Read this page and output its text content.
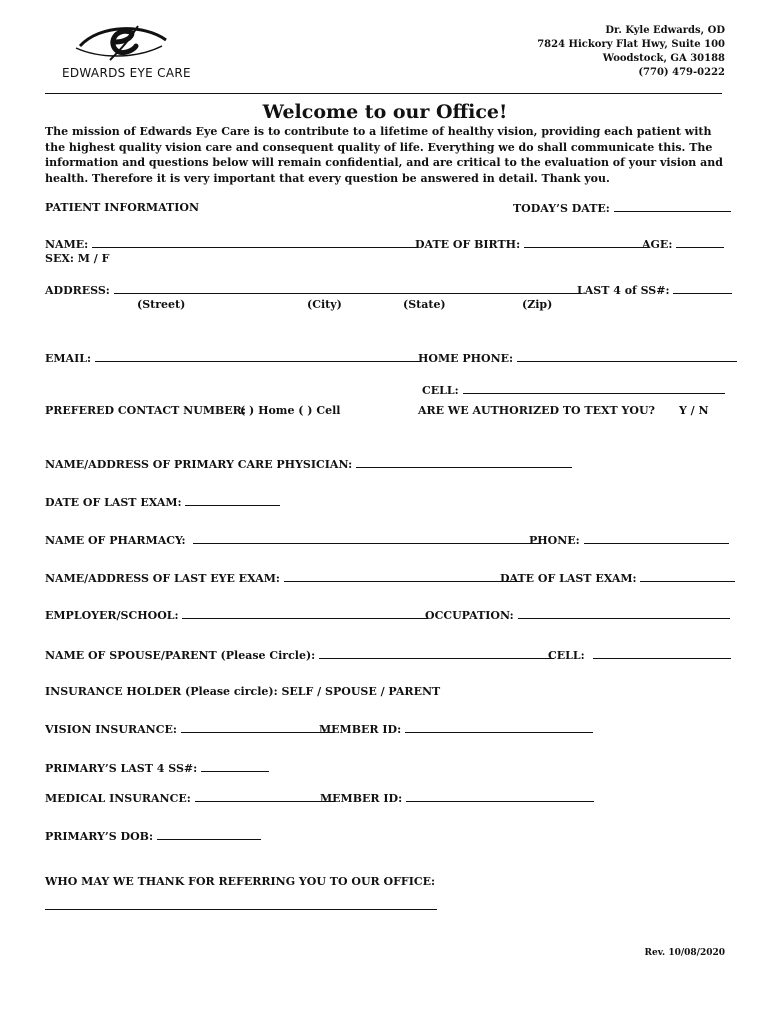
EDWARDS EYE CARE
Dr. Kyle Edwards, OD
7824 Hickory Flat Hwy, Suite 100
Woodstock, GA 30188
(770) 479-0222
Welcome to our Office!
The mission of Edwards Eye Care is to contribute to a lifetime of healthy vision, providing each patient with the highest quality vision care and consequent quality of life. Everything we do shall communicate this. The information and questions below will remain confidential, and are critical to the evaluation of your vision and health. Therefore it is very important that every question be answered in detail. Thank you.
PATIENT INFORMATION	TODAY’S DATE:
NAME:	DATE OF BIRTH:	AGE:
SEX: M / F
ADDRESS:	LAST 4 of SS#:
(Street)	(City)	(State)	(Zip)
EMAIL:	HOME PHONE:
CELL:
PREFERED CONTACT NUMBER:
( ) Home ( ) Cell	ARE WE AUTHORIZED TO TEXT YOU? Y / N
NAME/ADDRESS OF PRIMARY CARE PHYSICIAN:
DATE OF LAST EXAM:
NAME OF PHARMACY:	PHONE:
NAME/ADDRESS OF LAST EYE EXAM:	DATE OF LAST EXAM:
EMPLOYER/SCHOOL:	OCCUPATION:
NAME OF SPOUSE/PARENT (Please Circle):	CELL:
INSURANCE HOLDER (Please circle): SELF / SPOUSE / PARENT
VISION INSURANCE:	MEMBER ID:
PRIMARY’S LAST 4 SS#:
MEDICAL INSURANCE:	MEMBER ID:
PRIMARY’S DOB:
WHO MAY WE THANK FOR REFERRING YOU TO OUR OFFICE:
Rev. 10/08/2020
